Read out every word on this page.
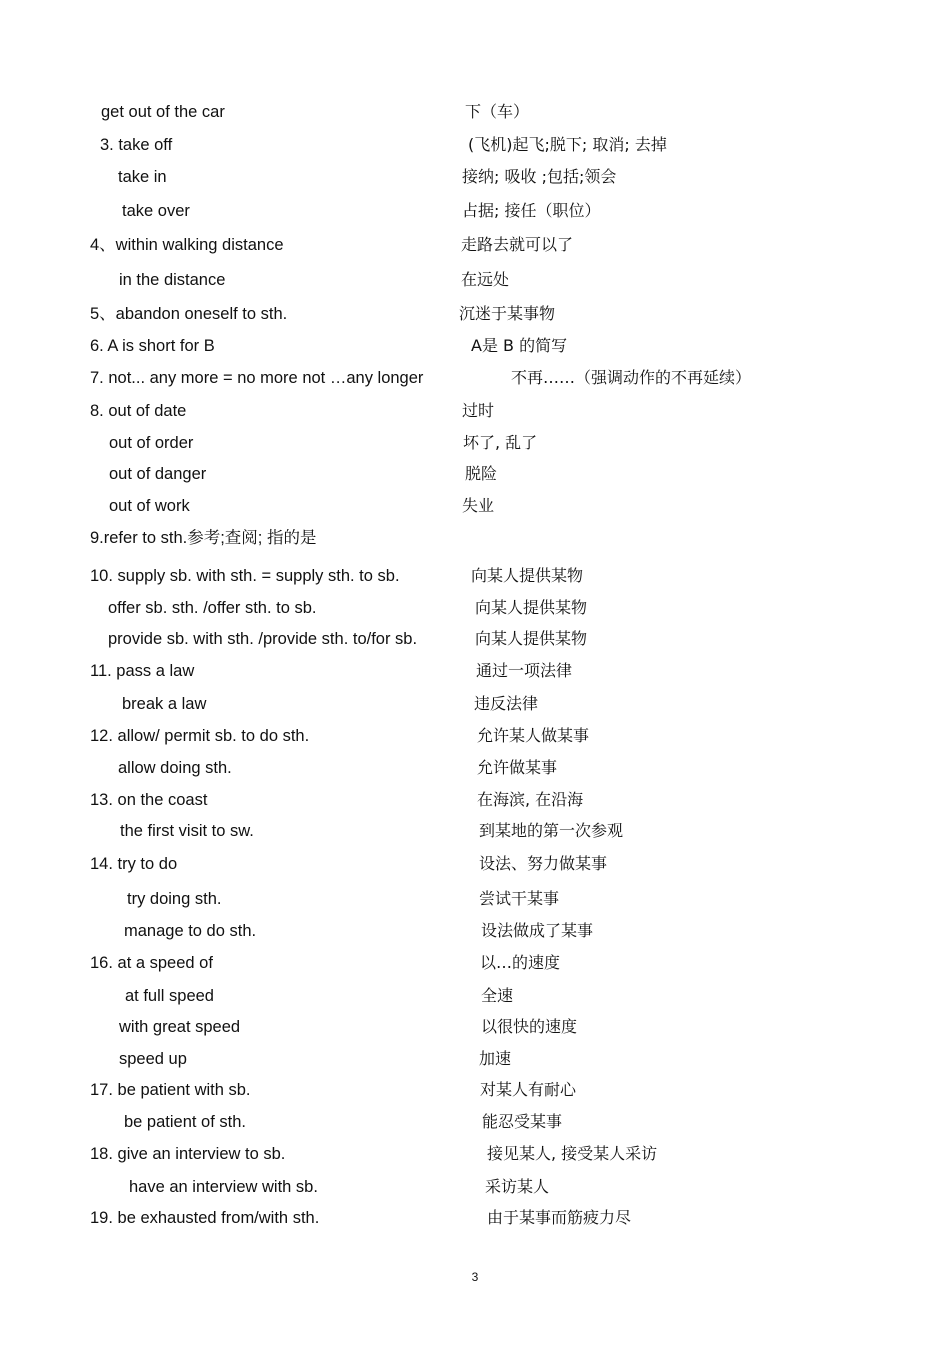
get out of the car	下（车）
3. take off	(飞机)起飞;脱下; 取消; 去掉
take in	接纳; 吸收 ;包括;领会
take over	占据; 接任（职位）
4、within walking distance	走路去就可以了
in the distance	在远处
5、abandon oneself to sth.	沉迷于某事物
6. A is short for B	A是 B 的简写
7. not... any more = no more not …any longer	不再……（强调动作的不再延续）
8. out of date	过时
out of order	坏了, 乱了
out of danger	脱险
out of work	失业
9.refer to sth.参考;查阅; 指的是
10. supply sb. with sth. = supply sth. to sb.	向某人提供某物
offer sb. sth. /offer sth. to sb.	向某人提供某物
provide sb. with sth. /provide sth. to/for sb.	向某人提供某物
11. pass a law	通过一项法律
break a law	违反法律
12. allow/ permit sb. to do sth.	允许某人做某事
allow doing sth.	允许做某事
13. on the coast	在海滨, 在沿海
the first visit to sw.	到某地的第一次参观
14. try to do	设法、努力做某事
try doing sth.	尝试干某事
manage to do sth.	设法做成了某事
16. at a speed of	以…的速度
at full speed	全速
with great speed	以很快的速度
speed up	加速
17. be patient with sb.	对某人有耐心
be patient of sth.	能忍受某事
18. give an interview to sb.	接见某人, 接受某人采访
have an interview with sb.	采访某人
19. be exhausted from/with sth.	由于某事而筋疲力尽
3
